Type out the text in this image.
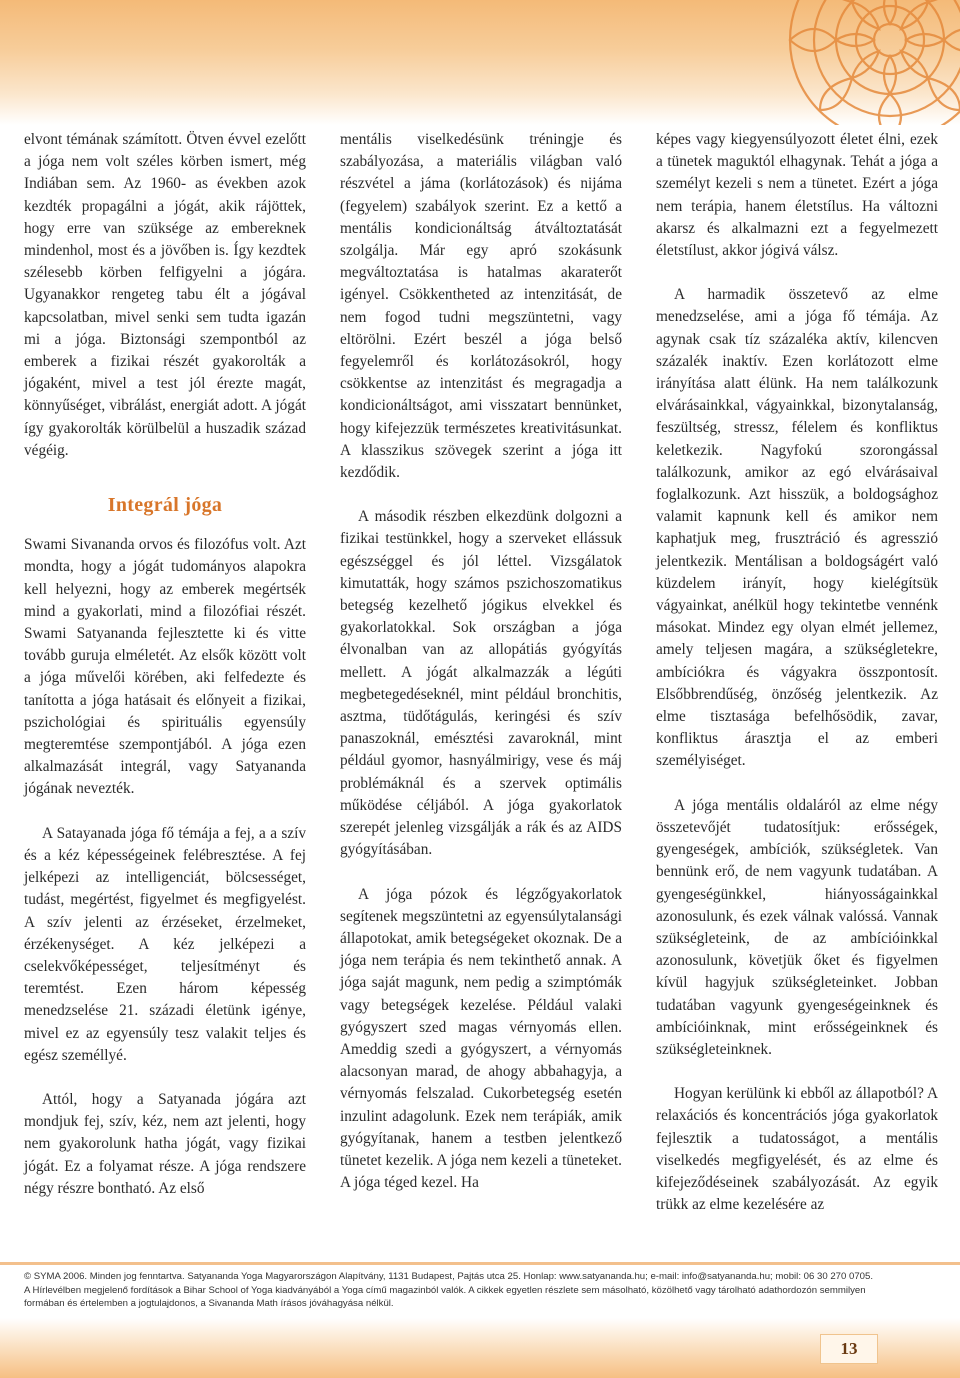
elvont témának számított. Ötven évvel ezelőtt a jóga nem volt széles körben ismert, még Indiában sem. Az 1960- as években azok kezdték propagálni a jógát, akik rájöttek, hogy erre van szüksége az embereknek mindenhol, most és a jövőben is. Így kezdtek szélesebb körben felfigyelni a jógára. Ugyanakkor rengeteg tabu élt a jógával kapcsolatban, mivel senki sem tudta igazán mi a jóga. Biztonsági szempontból az emberek a fizikai részét gyakorolták a jógaként, mivel a test jól érezte magát, könnyűséget, vibrálást, energiát adott. A jógát így gyakorolták körülbelül a huszadik század végéig.

Integrál jóga

Swami Sivananda orvos és filozófus volt. Azt mondta, hogy a jógát tudományos alapokra kell helyezni, hogy az emberek megértsék mind a gyakorlati, mind a filozófiai részét. Swami Satyananda fejlesztette ki és vitte tovább guruja elméletét. Az elsők között volt a jóga művelői körében, aki felfedezte és tanította a jóga hatásait és előnyeit a fizikai, pszichológiai és spirituális egyensúly megteremtése szempontjából. A jóga ezen alkalmazását integrál, vagy Satyananda jógának nevezték.

A Satayanada jóga fő témája a fej, a a szív és a kéz képességeinek felébresztése. A fej jelképezi az intelligenciát, bölcsességet, tudást, megértést, figyelmet és megfigyelést. A szív jelenti az érzéseket, érzelmeket, érzékenységet. A kéz jelképezi a cselekvőképességet, teljesítményt és teremtést. Ezen három képesség menedzselése 21. századi életünk igénye, mivel ez az egyensúly tesz valakit teljes és egész személlyé.

Attól, hogy a Satyanada jógára azt mondjuk fej, szív, kéz, nem azt jelenti, hogy nem gyakorolunk hatha jógát, vagy fizikai jógát. Ez a folyamat része. A jóga rendszere négy részre bontható. Az első

mentális viselkedésünk tréningje és szabályozása, a materiális világban való részvétel a jáma (korlátozások) és nijáma (fegyelem) szabályok szerint. Ez a kettő a mentális kondicionáltság átváltoztatását szolgálja. Már egy apró szokásunk megváltoztatása is hatalmas akaraterőt igényel. Csökkentheted az intenzitását, de nem fogod tudni megszüntetni, vagy eltörölni. Ezért beszél a jóga belső fegyelemről és korlátozásokról, hogy csökkentse az intenzitást és megragadja a kondicionáltságot, ami visszatart bennünket, hogy kifejezzük természetes kreativitásunkat. A klasszikus szövegek szerint a jóga itt kezdődik.

A második részben elkezdünk dolgozni a fizikai testünkkel, hogy a szerveket ellássuk egészséggel és jól léttel. Vizsgálatok kimutatták, hogy számos pszichoszomatikus betegség kezelhető jógikus elvekkel és gyakorlatokkal. Sok országban a jóga élvonalban van az allopátiás gyógyítás mellett. A jógát alkalmazzák a légúti megbetegedéseknél, mint például bronchitis, asztma, tüdőtágulás, keringési és szív panaszoknál, emésztési zavaroknál, mint például gyomor, hasnyálmirigy, vese és máj problémáknál és a szervek optimális működése céljából. A jóga gyakorlatok szerepét jelenleg vizsgálják a rák és az AIDS gyógyításában.

A jóga pózok és légzőgyakorlatok segítenek megszüntetni az egyensúlytalansági állapotokat, amik betegségeket okoznak. De a jóga nem terápia és nem tekinthető annak. A jóga saját magunk, nem pedig a szimptómák vagy betegségek kezelése. Például valaki gyógyszert szed magas vérnyomás ellen. Ameddig szedi a gyógyszert, a vérnyomás alacsonyan marad, de ahogy abbahagyja, a vérnyomás felszalad. Cukorbetegség esetén inzulint adagolunk. Ezek nem terápiák, amik gyógyítanak, hanem a testben jelentkező tünetet kezelik. A jóga nem kezeli a tüneteket. A jóga téged kezel. Ha

képes vagy kiegyensúlyozott életet élni, ezek a tünetek maguktól elhagynak. Tehát a jóga a személyt kezeli s nem a tünetet. Ezért a jóga nem terápia, hanem életstílus. Ha változni akarsz és alkalmazni ezt a fegyelmezett életstílust, akkor jógivá válsz.

A harmadik összetevő az elme menedzselése, ami a jóga fő témája. Az agynak csak tíz százaléka aktív, kilencven százalék inaktív. Ezen korlátozott elme irányítása alatt élünk. Ha nem találkozunk elvárásainkkal, vágyainkkal, bizonytalanság, feszültség, stressz, félelem és konfliktus keletkezik. Nagyfokú szorongással találkozunk, amikor az egó elvárásaival foglalkozunk. Azt hisszük, a boldogsághoz valamit kapnunk kell és amikor nem kaphatjuk meg, frusztráció és agresszió jelentkezik. Mentálisan a boldogságért való küzdelem irányít, hogy kielégítsük vágyainkat, anélkül hogy tekintetbe vennénk másokat. Mindez egy olyan elmét jellemez, amely teljesen magára, a szükségletekre, ambíciókra és vágyakra összpontosít. Elsőbbrendűség, önzőség jelentkezik. Az elme tisztasága befelhősödik, zavar, konfliktus árasztja el az emberi személyiséget.

A jóga mentális oldaláról az elme négy összetevőjét tudatosítjuk: erősségek, gyengeségek, ambíciók, szükségletek. Van bennünk erő, de nem vagyunk tudatában. A gyengeségünkkel, hiányosságainkkal azonosulunk, és ezek válnak valóssá. Vannak szükségleteink, de az ambícióinkkal azonosulunk, követjük őket és figyelmen kívül hagyjuk szükségleteinket. Jobban tudatában vagyunk gyengeségeinknek és ambícióinknak, mint erősségeinknek és szükségleteinknek.

Hogyan kerülünk ki ebből az állapotból? A relaxációs és koncentrációs jóga gyakorlatok fejlesztik a tudatosságot, a mentális viselkedés megfigyelését, és az elme és kifejeződéseinek szabályozását. Az egyik trükk az elme kezelésére az

© SYMA 2006. Minden jog fenntartva. Satyananda Yoga Magyarországon Alapítvány, 1131 Budapest, Pajtás utca 25. Honlap: www.satyananda.hu; e-mail: info@satyananda.hu; mobil: 06 30 270 0705.

A Hírlevélben megjelenő fordítások a Bihar School of Yoga kiadványából a Yoga című magazinból valók. A cikkek egyetlen részlete sem másolható, közölhető vagy tárolható adathordozón semmilyen

formában és értelemben a jogtulajdonos, a Sivananda Math írásos jóváhagyása nélkül.

13
